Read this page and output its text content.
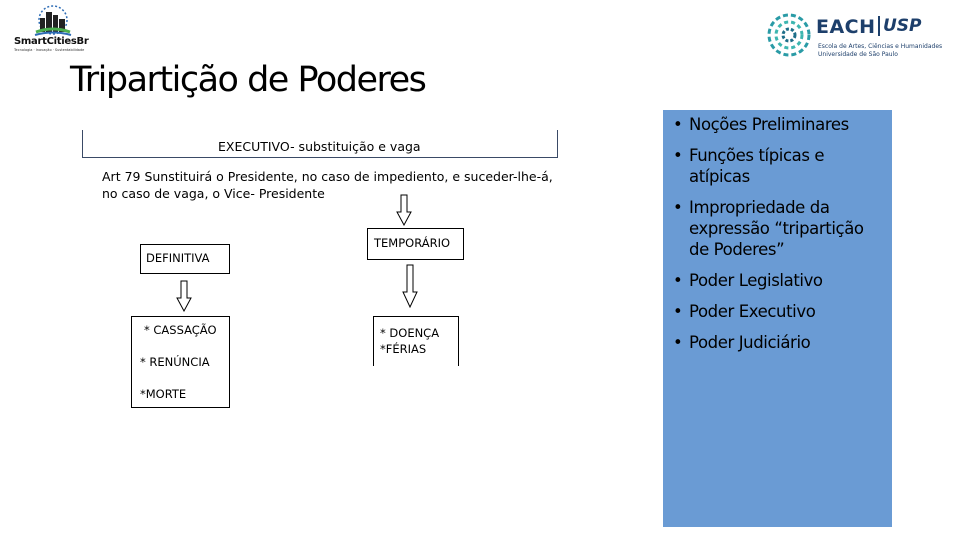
SmartCitiesBr
Tecnologia · Inovação · Sustentabilidade
EACH USP
Escola de Artes, Ciências e Humanidades
Universidade de São Paulo
Tripartição de Poderes
EXECUTIVO- substituição e vaga
Art 79 Sunstituirá o Presidente, no caso de impediento, e suceder-lhe-á,
no caso de vaga, o Vice- Presidente
TEMPORÁRIO
DEFINITIVA
* CASSAÇÃO
* RENÚNCIA
*MORTE
* DOENÇA
*FÉRIAS
• Noções Preliminares
• Funções típicas e atípicas
• Impropriedade da expressão “tripartição de Poderes”
• Poder Legislativo
• Poder Executivo
• Poder Judiciário
